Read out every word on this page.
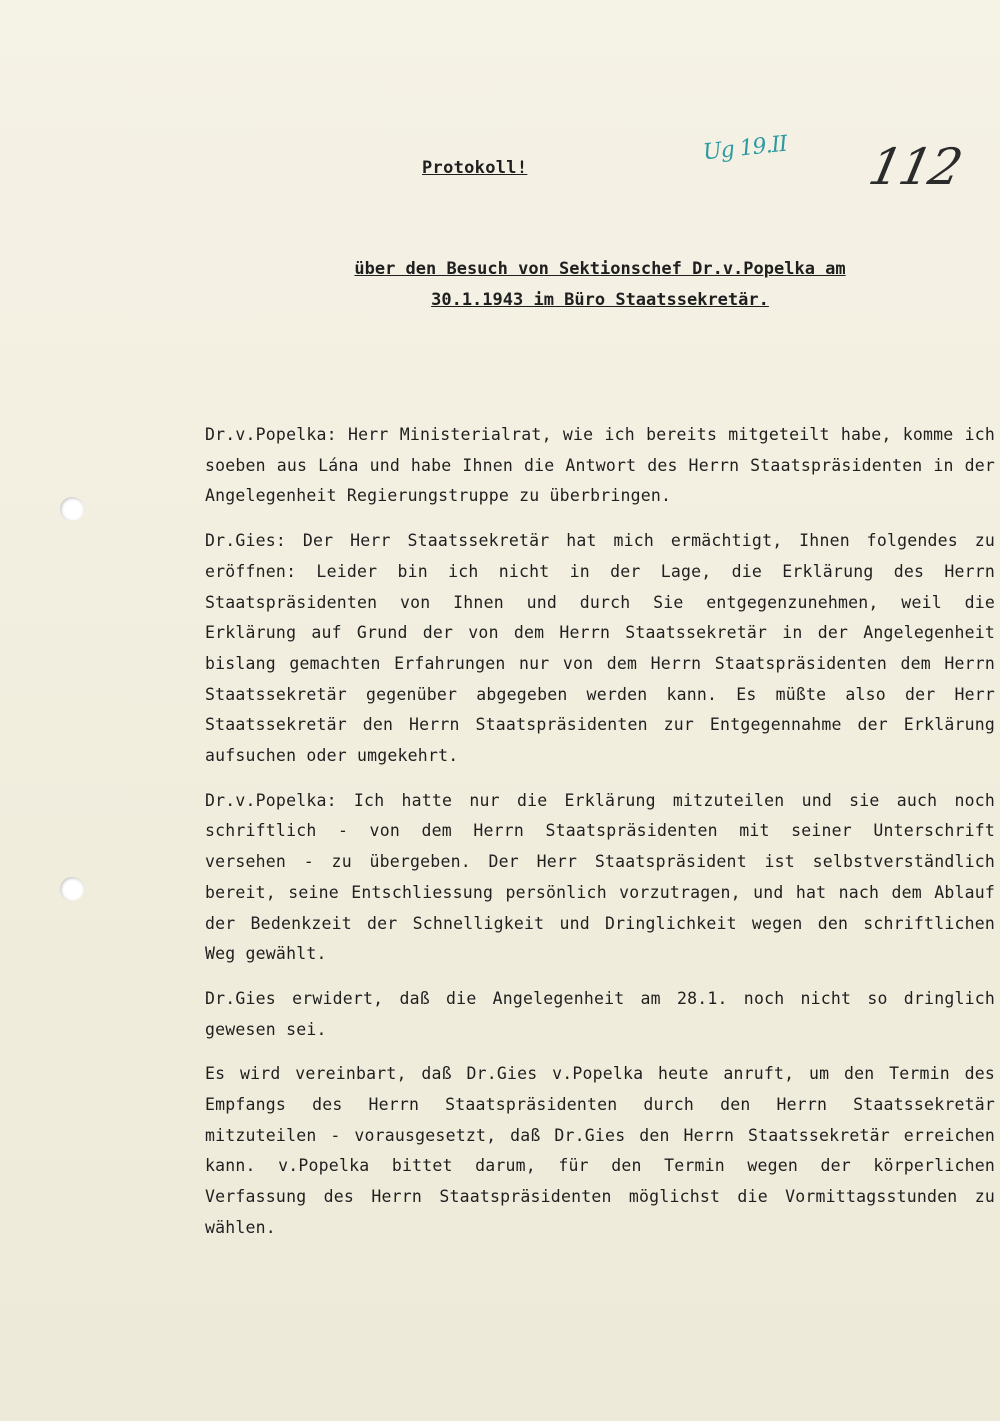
Ug 19.II 112
Protokoll!
über den Besuch von Sektionschef Dr.v.Popelka am
30.1.1943 im Büro Staatssekretär.

Dr.v.Popelka: Herr Ministerialrat, wie ich bereits mitgeteilt habe, komme ich soeben aus Lána und habe Ihnen die Antwort des Herrn Staatspräsidenten in der Angelegenheit Regierungstruppe zu überbringen.

Dr.Gies: Der Herr Staatssekretär hat mich ermächtigt, Ihnen folgendes zu eröffnen: Leider bin ich nicht in der Lage, die Erklärung des Herrn Staatspräsidenten von Ihnen und durch Sie entgegenzunehmen, weil die Erklärung auf Grund der von dem Herrn Staatssekretär in der Angelegenheit bislang gemachten Erfahrungen nur von dem Herrn Staatspräsidenten dem Herrn Staatssekretär gegenüber abgegeben werden kann. Es müßte also der Herr Staatssekretär den Herrn Staatspräsidenten zur Entgegennahme der Erklärung aufsuchen oder umgekehrt.

Dr.v.Popelka: Ich hatte nur die Erklärung mitzuteilen und sie auch noch schriftlich - von dem Herrn Staatspräsidenten mit seiner Unterschrift versehen - zu übergeben. Der Herr Staatspräsident ist selbstverständlich bereit, seine Entschliessung persönlich vorzutragen, und hat nach dem Ablauf der Bedenkzeit der Schnelligkeit und Dringlichkeit wegen den schriftlichen Weg gewählt.

Dr.Gies erwidert, daß die Angelegenheit am 28.1. noch nicht so dringlich gewesen sei.

Es wird vereinbart, daß Dr.Gies v.Popelka heute anruft, um den Termin des Empfangs des Herrn Staatspräsidenten durch den Herrn Staatssekretär mitzuteilen - vorausgesetzt, daß Dr.Gies den Herrn Staatssekretär erreichen kann. v.Popelka bittet darum, für den Termin wegen der körperlichen Verfassung des Herrn Staatspräsidenten möglichst die Vormittagsstunden zu wählen.
